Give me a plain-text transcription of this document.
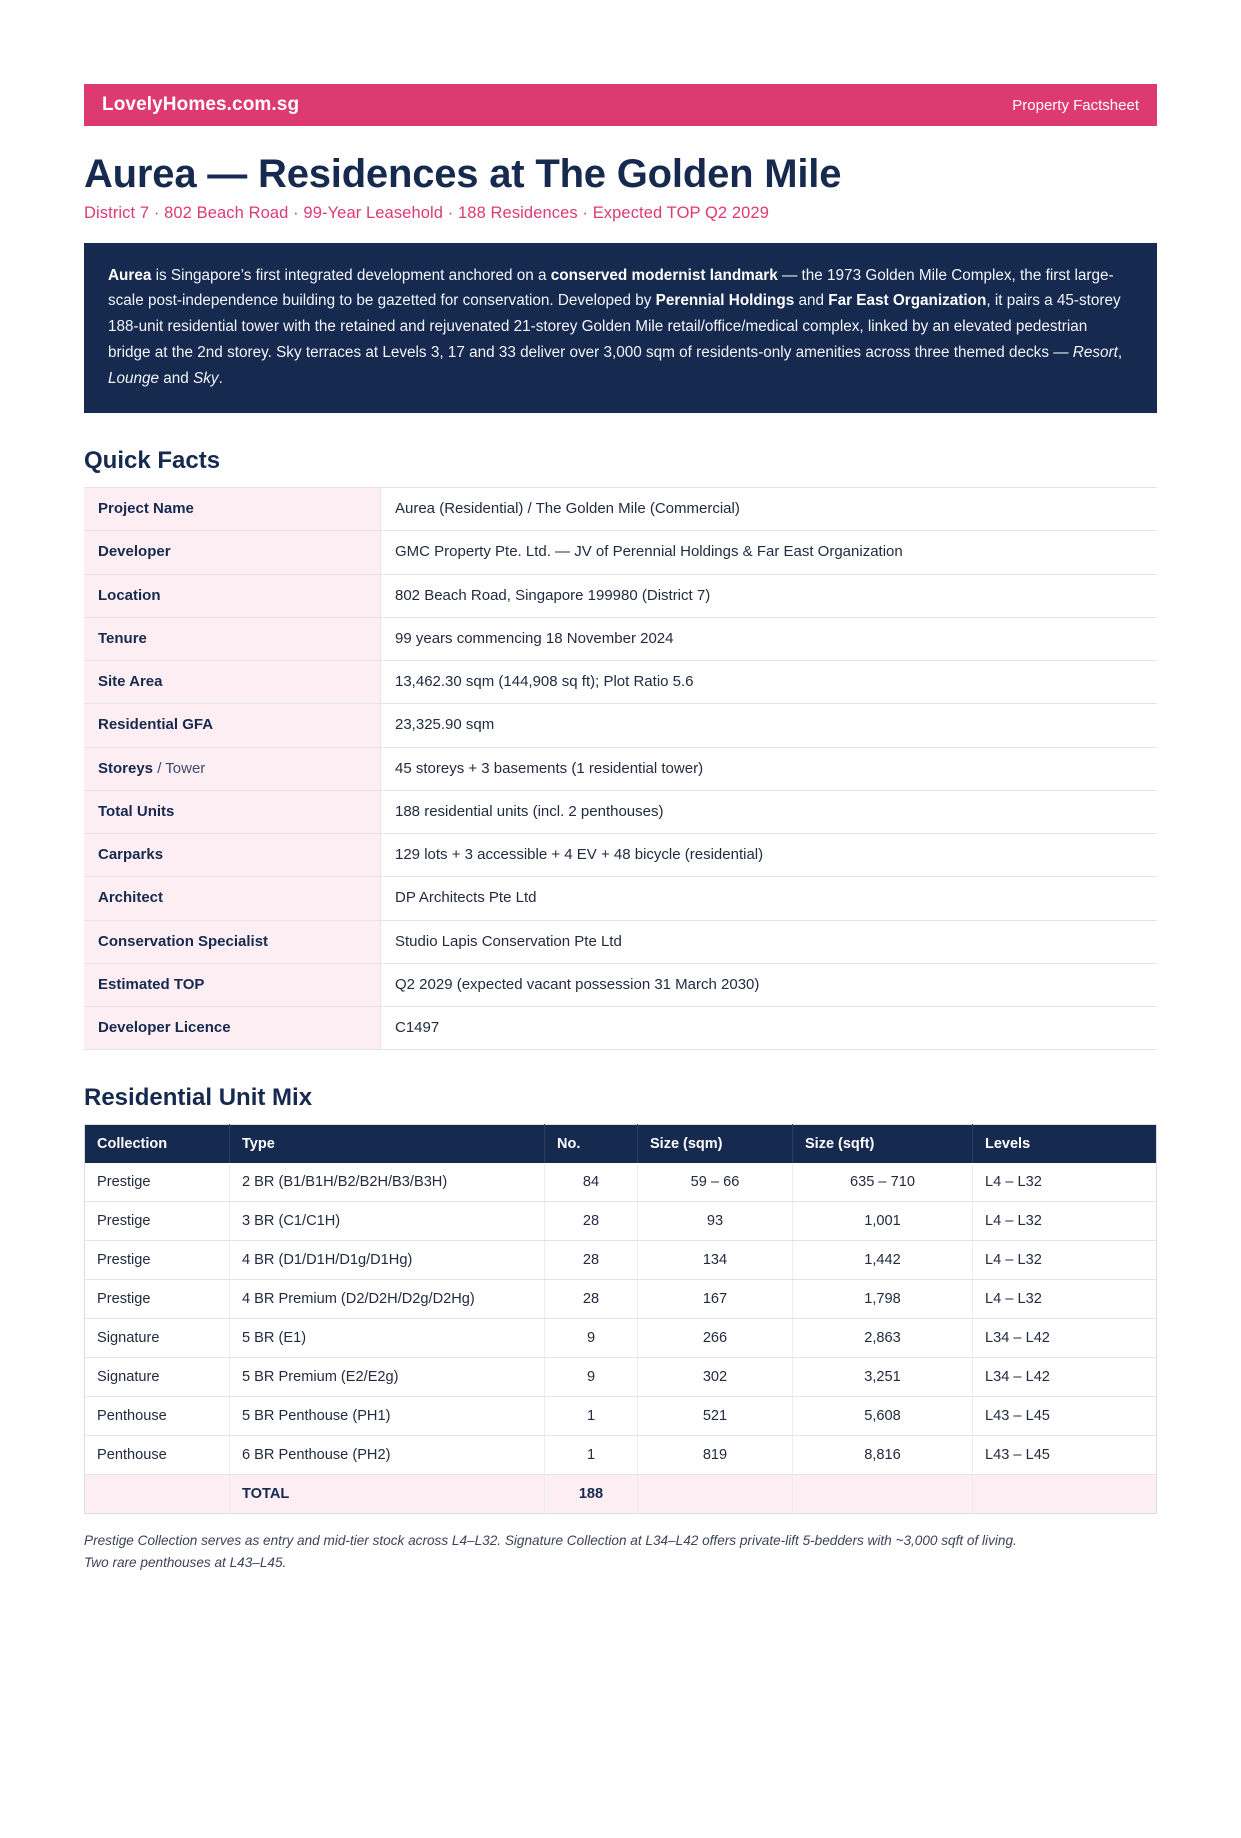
LovelyHomes.com.sg	Property Factsheet
Aurea — Residences at The Golden Mile
District 7 · 802 Beach Road · 99-Year Leasehold · 188 Residences · Expected TOP Q2 2029

Aurea is Singapore’s first integrated development anchored on a conserved modernist landmark — the 1973 Golden Mile Complex, the first large-scale post-independence building to be gazetted for conservation. Developed by Perennial Holdings and Far East Organization, it pairs a 45-storey 188-unit residential tower with the retained and rejuvenated 21-storey Golden Mile retail/office/medical complex, linked by an elevated pedestrian bridge at the 2nd storey. Sky terraces at Levels 3, 17 and 33 deliver over 3,000 sqm of residents-only amenities across three themed decks — Resort, Lounge and Sky.

Quick Facts
Project Name	Aurea (Residential) / The Golden Mile (Commercial)
Developer	GMC Property Pte. Ltd. — JV of Perennial Holdings & Far East Organization
Location	802 Beach Road, Singapore 199980 (District 7)
Tenure	99 years commencing 18 November 2024
Site Area	13,462.30 sqm (144,908 sq ft); Plot Ratio 5.6
Residential GFA	23,325.90 sqm
Storeys / Tower	45 storeys + 3 basements (1 residential tower)
Total Units	188 residential units (incl. 2 penthouses)
Carparks	129 lots + 3 accessible + 4 EV + 48 bicycle (residential)
Architect	DP Architects Pte Ltd
Conservation Specialist	Studio Lapis Conservation Pte Ltd
Estimated TOP	Q2 2029 (expected vacant possession 31 March 2030)
Developer Licence	C1497
Residential Unit Mix
Collection	Type	No.	Size (sqm)	Size (sqft)	Levels
Prestige	2 BR (B1/B1H/B2/B2H/B3/B3H)	84	59 – 66	635 – 710	L4 – L32
Prestige	3 BR (C1/C1H)	28	93	1,001	L4 – L32
Prestige	4 BR (D1/D1H/D1g/D1Hg)	28	134	1,442	L4 – L32
Prestige	4 BR Premium (D2/D2H/D2g/D2Hg)	28	167	1,798	L4 – L32
Signature	5 BR (E1)	9	266	2,863	L34 – L42
Signature	5 BR Premium (E2/E2g)	9	302	3,251	L34 – L42
Penthouse	5 BR Penthouse (PH1)	1	521	5,608	L43 – L45
Penthouse	6 BR Penthouse (PH2)	1	819	8,816	L43 – L45
	TOTAL	188			
Prestige Collection serves as entry and mid-tier stock across L4–L32. Signature Collection at L34–L42 offers private-lift 5-bedders with ~3,000 sqft of living. Two rare penthouses at L43–L45.
